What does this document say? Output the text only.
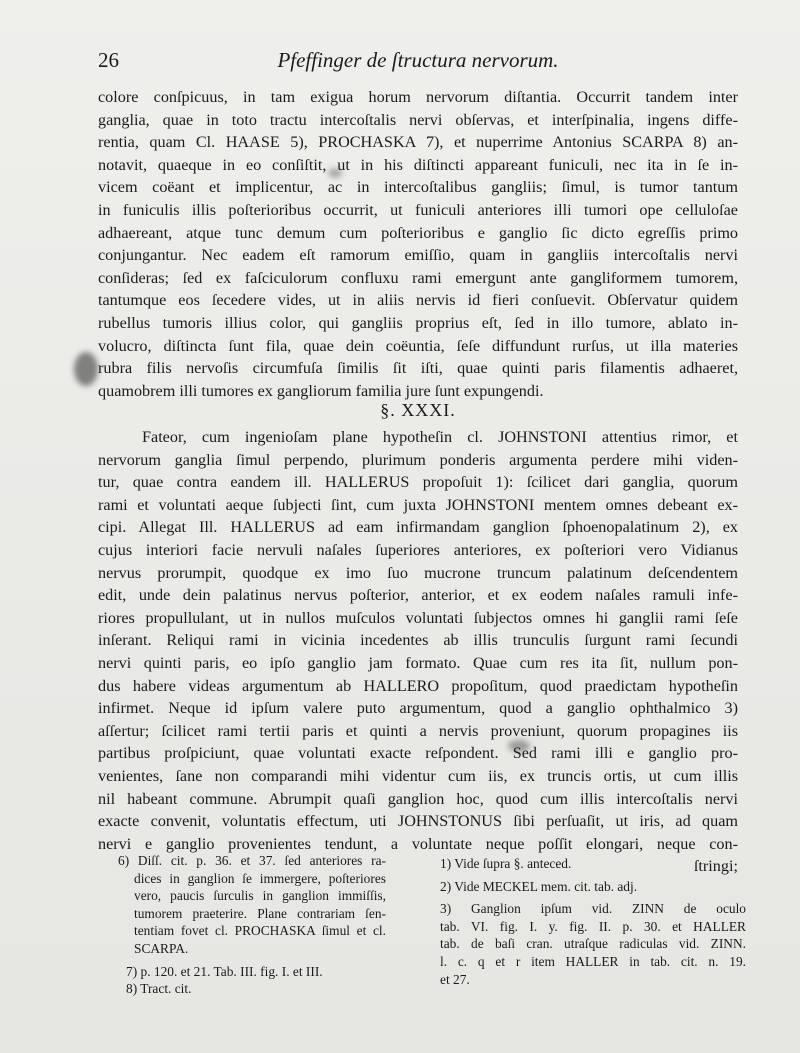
26	Pfeffinger de ſtructura nervorum.
colore conſpicuus, in tam exigua horum nervorum diſtantia. Occurrit tandem inter
ganglia, quae in toto tractu intercoſtalis nervi obſervas, et interſpinalia, ingens diffe-
rentia, quam Cl. HAASE 5), PROCHASKA 7), et nuperrime Antonius SCARPA 8) an-
notavit, quaeque in eo conſiſtit, ut in his diſtincti appareant funiculi, nec ita in ſe in-
vicem coëant et implicentur, ac in intercoſtalibus gangliis; ſimul, is tumor tantum
in funiculis illis poſterioribus occurrit, ut funiculi anteriores illi tumori ope celluloſae
adhaereant, atque tunc demum cum poſterioribus e ganglio ſic dicto egreſſis primo
conjungantur. Nec eadem eſt ramorum emiſſio, quam in gangliis intercoſtalis nervi
conſideras; ſed ex faſciculorum confluxu rami emergunt ante gangliformem tumorem,
tantumque eos ſecedere vides, ut in aliis nervis id fieri conſuevit. Obſervatur quidem
rubellus tumoris illius color, qui gangliis proprius eſt, ſed in illo tumore, ablato in-
volucro, diſtincta ſunt fila, quae dein coëuntia, ſeſe diffundunt rurſus, ut illa materies
rubra filis nervoſis circumfuſa ſimilis ſit iſti, quae quinti paris filamentis adhaeret,
quamobrem illi tumores ex gangliorum familia jure ſunt expungendi.
§. XXXI.
Fateor, cum ingenioſam plane hypotheſin cl. JOHNSTONI attentius rimor, et
nervorum ganglia ſimul perpendo, plurimum ponderis argumenta perdere mihi viden-
tur, quae contra eandem ill. HALLERUS propoſuit 1): ſcilicet dari ganglia, quorum
rami et voluntati aeque ſubjecti ſint, cum juxta JOHNSTONI mentem omnes debeant ex-
cipi. Allegat Ill. HALLERUS ad eam infirmandam ganglion ſphoenopalatinum 2), ex
cujus interiori facie nervuli naſales ſuperiores anteriores, ex poſteriori vero Vidianus
nervus prorumpit, quodque ex imo ſuo mucrone truncum palatinum deſcendentem
edit, unde dein palatinus nervus poſterior, anterior, et ex eodem naſales ramuli infe-
riores propullulant, ut in nullos muſculos voluntati ſubjectos omnes hi ganglii rami ſeſe
inſerant. Reliqui rami in vicinia incedentes ab illis trunculis ſurgunt rami ſecundi
nervi quinti paris, eo ipſo ganglio jam formato. Quae cum res ita ſit, nullum pon-
dus habere videas argumentum ab HALLERO propoſitum, quod praedictam hypotheſin
infirmet. Neque id ipſum valere puto argumentum, quod a ganglio ophthalmico 3)
aſſertur; ſcilicet rami tertii paris et quinti a nervis proveniunt, quorum propagines iis
partibus proſpiciunt, quae voluntati exacte reſpondent. Sed rami illi e ganglio pro-
venientes, ſane non comparandi mihi videntur cum iis, ex truncis ortis, ut cum illis
nil habeant commune. Abrumpit quaſi ganglion hoc, quod cum illis intercoſtalis nervi
exacte convenit, voluntatis effectum, uti JOHNSTONUS ſibi perſuaſit, ut iris, ad quam
nervi e ganglio provenientes tendunt, a voluntate neque poſſit elongari, neque con-
ſtringi;
6) Diſſ. cit. p. 36. et 37. ſed anteriores ra-
dices in ganglion ſe immergere, poſteriores
vero, paucis ſurculis in ganglion immiſſis,
tumorem praeterire. Plane contrariam ſen-
tentiam fovet cl. PROCHASKA ſimul et cl.
SCARPA.
7) p. 120. et 21. Tab. III. fig. I. et III.
8) Tract. cit.
1) Vide ſupra §. anteced.
2) Vide MECKEL mem. cit. tab. adj.
3) Ganglion ipſum vid. ZINN de oculo
tab. VI. fig. I. y. fig. II. p. 30. et HALLER
tab. de baſi cran. utraſque radiculas vid. ZINN.
l. c. q et r item HALLER in tab. cit. n. 19.
et 27.
